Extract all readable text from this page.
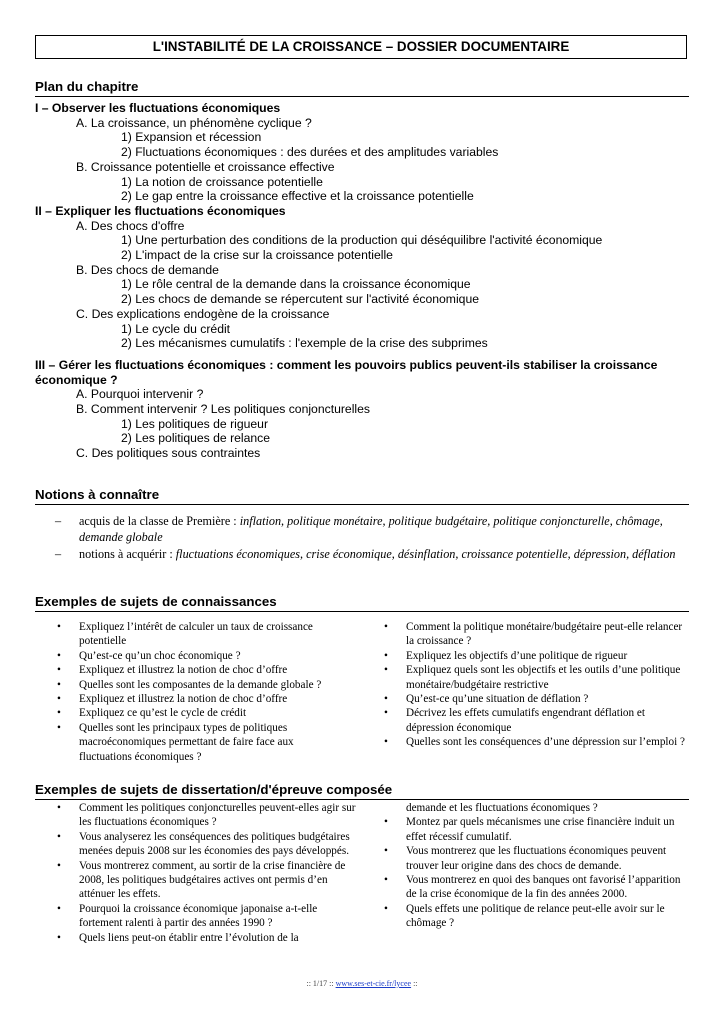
L'INSTABILITÉ DE LA CROISSANCE – DOSSIER DOCUMENTAIRE
Plan du chapitre
I – Observer les fluctuations économiques
A. La croissance, un phénomène cyclique ?
1) Expansion et récession
2) Fluctuations économiques : des durées et des amplitudes variables
B. Croissance potentielle et croissance effective
1) La notion de croissance potentielle
2) Le gap entre la croissance effective et la croissance potentielle
II – Expliquer les fluctuations économiques
A. Des chocs d'offre
1) Une perturbation des conditions de la production qui déséquilibre l'activité économique
2) L'impact de la crise sur la croissance potentielle
B. Des chocs de demande
1) Le rôle central de la demande dans la croissance économique
2) Les chocs de demande se répercutent sur l'activité économique
C. Des explications endogène de la croissance
1) Le cycle du crédit
2) Les mécanismes cumulatifs : l'exemple de la crise des subprimes
III – Gérer les fluctuations économiques : comment les pouvoirs publics peuvent-ils stabiliser la croissance économique ?
A. Pourquoi intervenir ?
B. Comment intervenir ? Les politiques conjoncturelles
1) Les politiques de rigueur
2) Les politiques de relance
C. Des politiques sous contraintes
Notions à connaître
– acquis de la classe de Première : inflation, politique monétaire, politique budgétaire, politique conjoncturelle, chômage, demande globale
– notions à acquérir : fluctuations économiques, crise économique, désinflation, croissance potentielle, dépression, déflation
Exemples de sujets de connaissances
• Expliquez l’intérêt de calculer un taux de croissance potentielle
• Qu’est-ce qu’un choc économique ?
• Expliquez et illustrez la notion de choc d’offre
• Quelles sont les composantes de la demande globale ?
• Expliquez et illustrez la notion de choc d’offre
• Expliquez ce qu’est le cycle de crédit
• Quelles sont les principaux types de politiques macroéconomiques permettant de faire face aux fluctuations économiques ?
• Comment la politique monétaire/budgétaire peut-elle relancer la croissance ?
• Expliquez les objectifs d’une politique de rigueur
• Expliquez quels sont les objectifs et les outils d’une politique monétaire/budgétaire restrictive
• Qu’est-ce qu’une situation de déflation ?
• Décrivez les effets cumulatifs engendrant déflation et dépression économique
• Quelles sont les conséquences d’une dépression sur l’emploi ?
Exemples de sujets de dissertation/d'épreuve composée
• Comment les politiques conjoncturelles peuvent-elles agir sur les fluctuations économiques ?
• Vous analyserez les conséquences des politiques budgétaires menées depuis 2008 sur les économies des pays développés.
• Vous montrerez comment, au sortir de la crise financière de 2008, les politiques budgétaires actives ont permis d’en atténuer les effets.
• Pourquoi la croissance économique japonaise a-t-elle fortement ralenti à partir des années 1990 ?
• Quels liens peut-on établir entre l’évolution de la
demande et les fluctuations économiques ?
• Montez par quels mécanismes une crise financière induit un effet récessif cumulatif.
• Vous montrerez que les fluctuations économiques peuvent trouver leur origine dans des chocs de demande.
• Vous montrerez en quoi des banques ont favorisé l’apparition de la crise économique de la fin des années 2000.
• Quels effets une politique de relance peut-elle avoir sur le chômage ?
:: 1/17 :: www.ses-et-cie.fr/lycee ::
